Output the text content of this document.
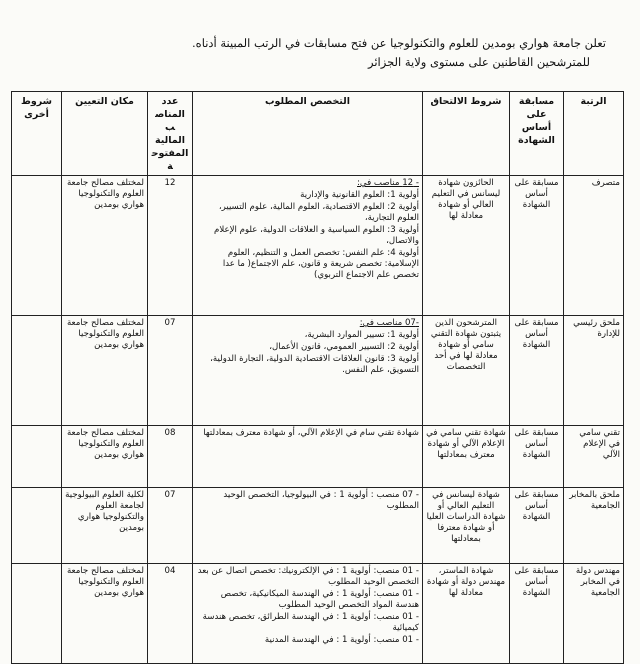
تعلن جامعة هواري بومدين للعلوم والتكنولوجيا عن فتح مسابقات في الرتب المبينة أدناه.
للمترشحين القاطنين على مستوى ولاية الجزائر
الرتبة	مسابقة على أساس الشهادة	شروط الالتحاق	التخصص المطلوب	عدد المناصب المالية المفتوحة	مكان التعيين	شروط أخرى
متصرف	مسابقة على أساس الشهادة	الحائزون شهادة ليسانس في التعليم العالي أو شهادة معادلة لها	- 12 مناصب في:

أولوية 1: العلوم القانونية والإدارية

أولوية 2: العلوم الاقتصادية، العلوم المالية، علوم التسيير، العلوم التجارية،

أولوية 3: العلوم السياسية و العلاقات الدولية، علوم الإعلام والاتصال،

أولوية 4: علم النفس: تخصص العمل و التنظيم، العلوم الإسلامية: تخصص شريعة و قانون، علم الاجتماع( ما عدا تخصص علم الاجتماع التربوي)	12	لمختلف مصالح جامعة العلوم والتكنولوجيا هواري بومدين	
ملحق رئيسي للإدارة	مسابقة على أساس الشهادة	المترشحون الذين يثبتون شهادة التقني سامي أو شهادة معادلة لها في أحد التخصصات	-07 مناصب في:

أولوية 1: تسيير الموارد البشرية،

أولوية 2: التسيير العمومي، قانون الأعمال،

أولوية 3: قانون العلاقات الاقتصادية الدولية، التجارة الدولية، التسويق، علم النفس.	07	لمختلف مصالح جامعة العلوم والتكنولوجيا هواري بومدين	
تقني سامي في الإعلام الآلي	مسابقة على أساس الشهادة	شهادة تقني سامي في الإعلام الآلي أو شهادة معترف بمعادلتها	شهادة تقني سام في الإعلام الآلي، أو شهادة معترف بمعادلتها	08	لمختلف مصالح جامعة العلوم والتكنولوجيا هواري بومدين	
ملحق بالمخابر الجامعية	مسابقة على أساس الشهادة	شهادة ليسانس في التعليم العالي أو شهادة الدراسات العليا أو شهادة معترفا بمعادلتها	- 07 منصب : أولوية 1 : في البيولوجيا، التخصص الوحيد المطلوب	07	لكلية العلوم البيولوجية لجامعة العلوم والتكنولوجيا هواري بومدين	
مهندس دولة في المخابر الجامعية	مسابقة على أساس الشهادة	شهادة الماستر، مهندس دولة أو شهادة معادلة لها	- 01 منصب: أولوية 1 : في الإلكترونيك: تخصص اتصال عن بعد التخصص الوحيد المطلوب

- 01 منصب: أولوية 1 : في الهندسة الميكانيكية، تخصص هندسة المواد التخصص الوحيد المطلوب

- 01 منصب: أولوية 1 : في الهندسة الطرائق، تخصص هندسة كيميائية

- 01 منصب: أولوية 1 : في الهندسة المدنية	04	لمختلف مصالح جامعة العلوم والتكنولوجيا هواري بومدين	
